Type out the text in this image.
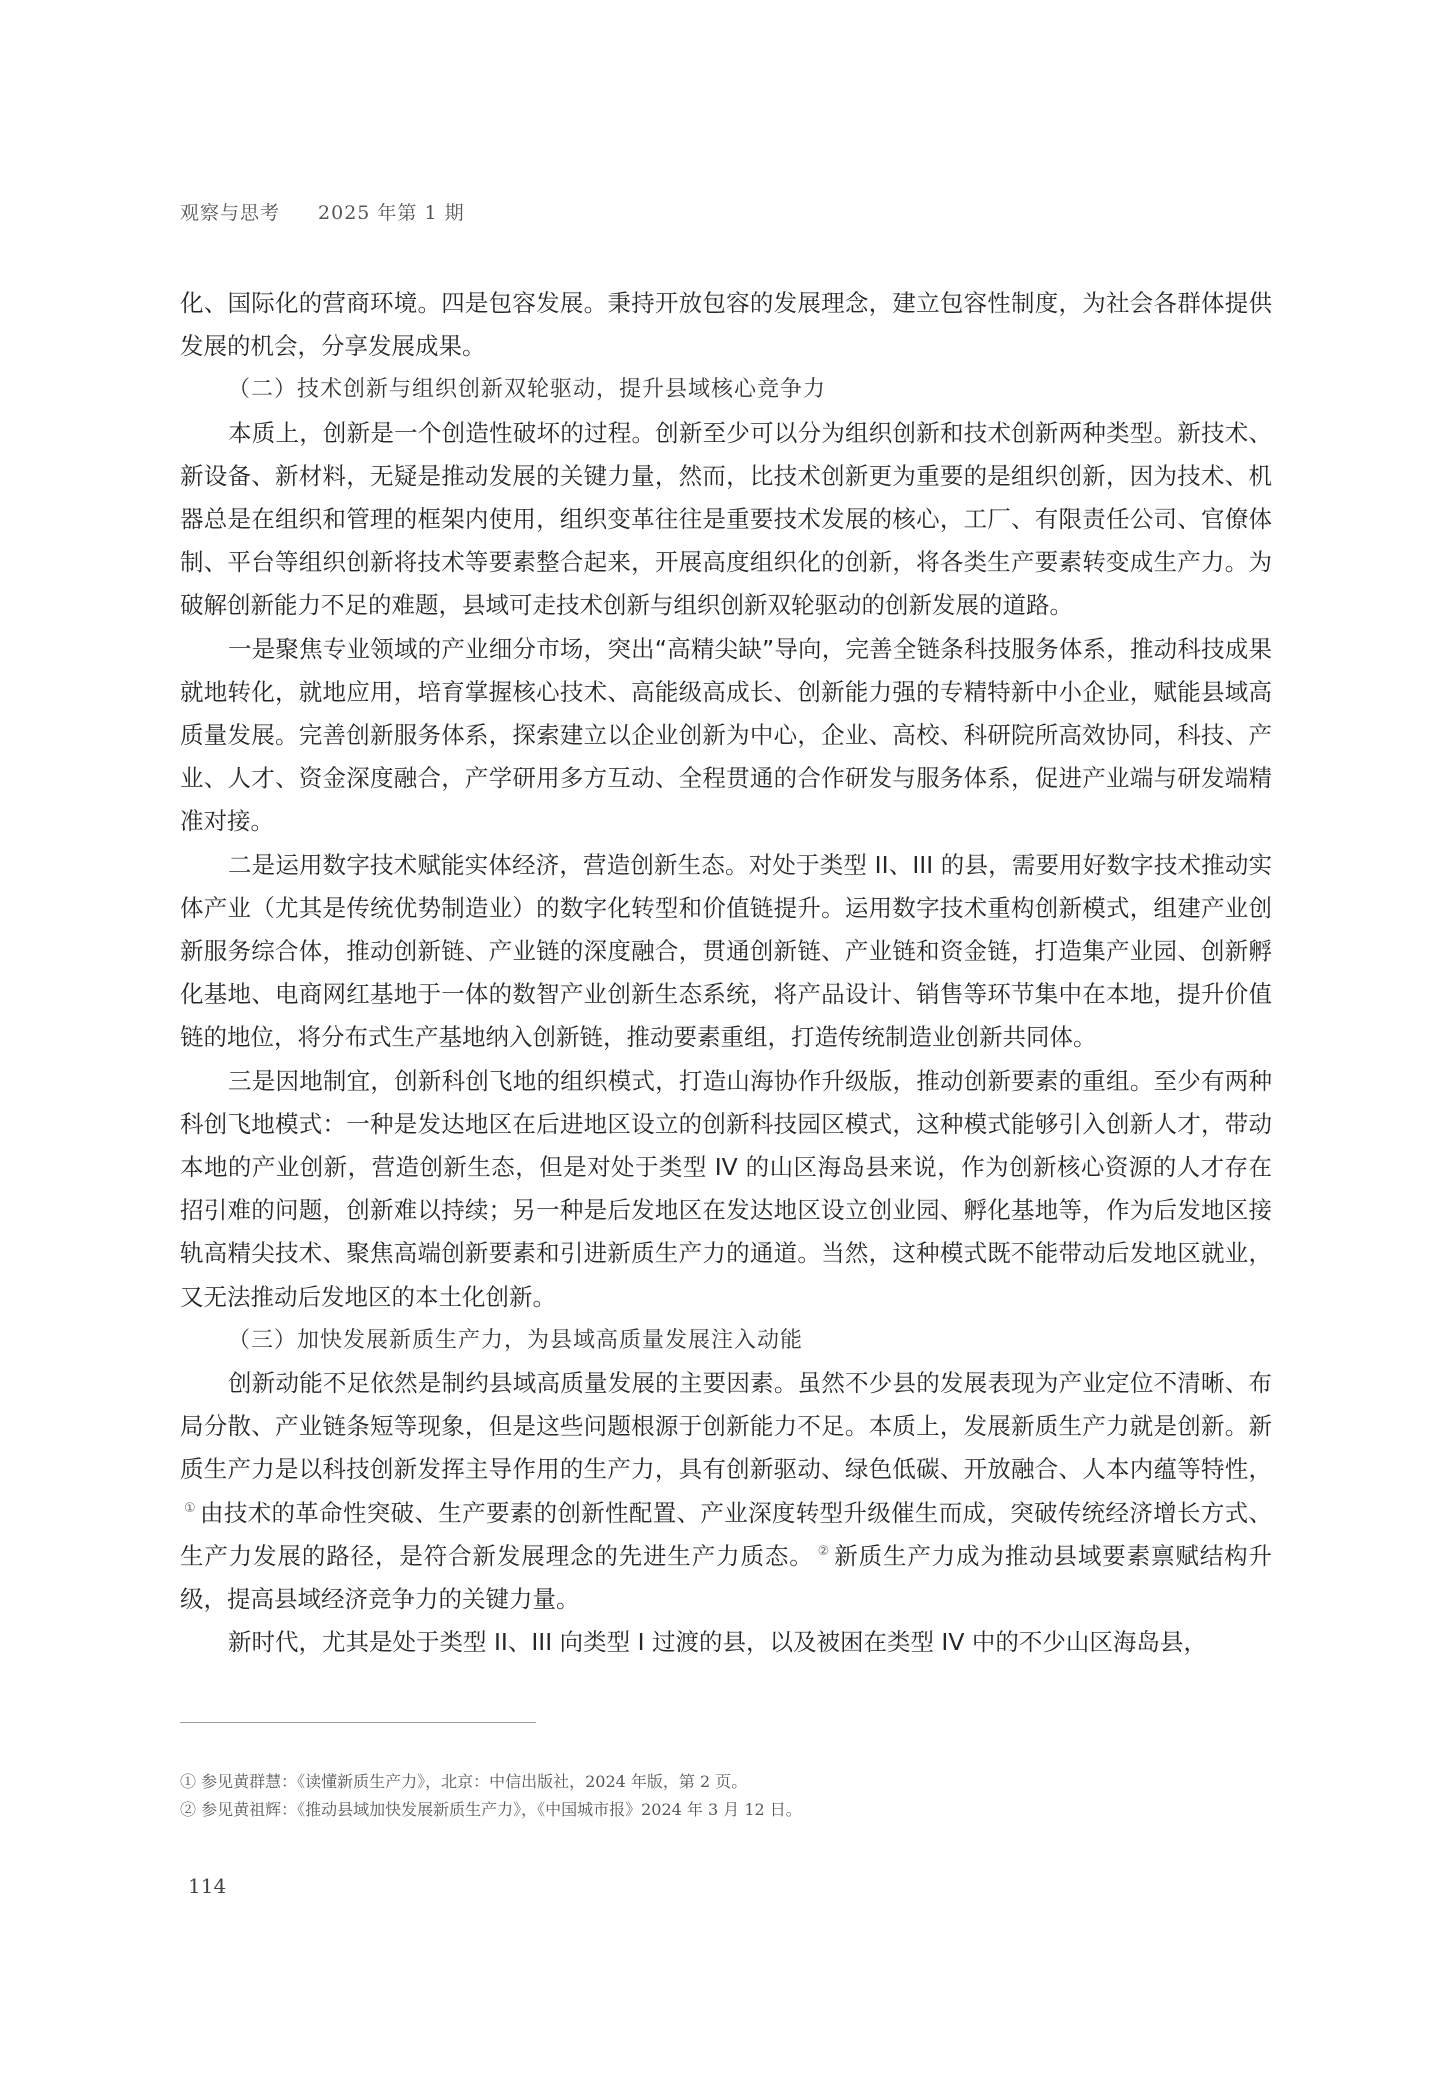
观察与思考 2025 年第 1 期

化、国际化的营商环境。四是包容发展。秉持开放包容的发展理念，建立包容性制度，为社会各群体提供发展的机会，分享发展成果。

（二）技术创新与组织创新双轮驱动，提升县域核心竞争力

本质上，创新是一个创造性破坏的过程。创新至少可以分为组织创新和技术创新两种类型。新技术、新设备、新材料，无疑是推动发展的关键力量，然而，比技术创新更为重要的是组织创新，因为技术、机器总是在组织和管理的框架内使用，组织变革往往是重要技术发展的核心，工厂、有限责任公司、官僚体制、平台等组织创新将技术等要素整合起来，开展高度组织化的创新，将各类生产要素转变成生产力。为破解创新能力不足的难题，县域可走技术创新与组织创新双轮驱动的创新发展的道路。

一是聚焦专业领域的产业细分市场，突出“高精尖缺”导向，完善全链条科技服务体系，推动科技成果就地转化，就地应用，培育掌握核心技术、高能级高成长、创新能力强的专精特新中小企业，赋能县域高质量发展。完善创新服务体系，探索建立以企业创新为中心，企业、高校、科研院所高效协同，科技、产业、人才、资金深度融合，产学研用多方互动、全程贯通的合作研发与服务体系，促进产业端与研发端精准对接。

二是运用数字技术赋能实体经济，营造创新生态。对处于类型 II、III 的县，需要用好数字技术推动实体产业（尤其是传统优势制造业）的数字化转型和价值链提升。运用数字技术重构创新模式，组建产业创新服务综合体，推动创新链、产业链的深度融合，贯通创新链、产业链和资金链，打造集产业园、创新孵化基地、电商网红基地于一体的数智产业创新生态系统，将产品设计、销售等环节集中在本地，提升价值链的地位，将分布式生产基地纳入创新链，推动要素重组，打造传统制造业创新共同体。

三是因地制宜，创新科创飞地的组织模式，打造山海协作升级版，推动创新要素的重组。至少有两种科创飞地模式：一种是发达地区在后进地区设立的创新科技园区模式，这种模式能够引入创新人才，带动本地的产业创新，营造创新生态，但是对处于类型 IV 的山区海岛县来说，作为创新核心资源的人才存在招引难的问题，创新难以持续；另一种是后发地区在发达地区设立创业园、孵化基地等，作为后发地区接轨高精尖技术、聚焦高端创新要素和引进新质生产力的通道。当然，这种模式既不能带动后发地区就业，又无法推动后发地区的本土化创新。

（三）加快发展新质生产力，为县域高质量发展注入动能

创新动能不足依然是制约县域高质量发展的主要因素。虽然不少县的发展表现为产业定位不清晰、布局分散、产业链条短等现象，但是这些问题根源于创新能力不足。本质上，发展新质生产力就是创新。新质生产力是以科技创新发挥主导作用的生产力，具有创新驱动、绿色低碳、开放融合、人本内蕴等特性，① 由技术的革命性突破、生产要素的创新性配置、产业深度转型升级催生而成，突破传统经济增长方式、生产力发展的路径，是符合新发展理念的先进生产力质态。 ② 新质生产力成为推动县域要素禀赋结构升级，提高县域经济竞争力的关键力量。

新时代，尤其是处于类型 II、III 向类型 I 过渡的县，以及被困在类型 IV 中的不少山区海岛县，

① 参见黄群慧：《读懂新质生产力》，北京：中信出版社，2024 年版，第 2 页。

② 参见黄祖辉：《推动县域加快发展新质生产力》，《中国城市报》2024 年 3 月 12 日。

114
